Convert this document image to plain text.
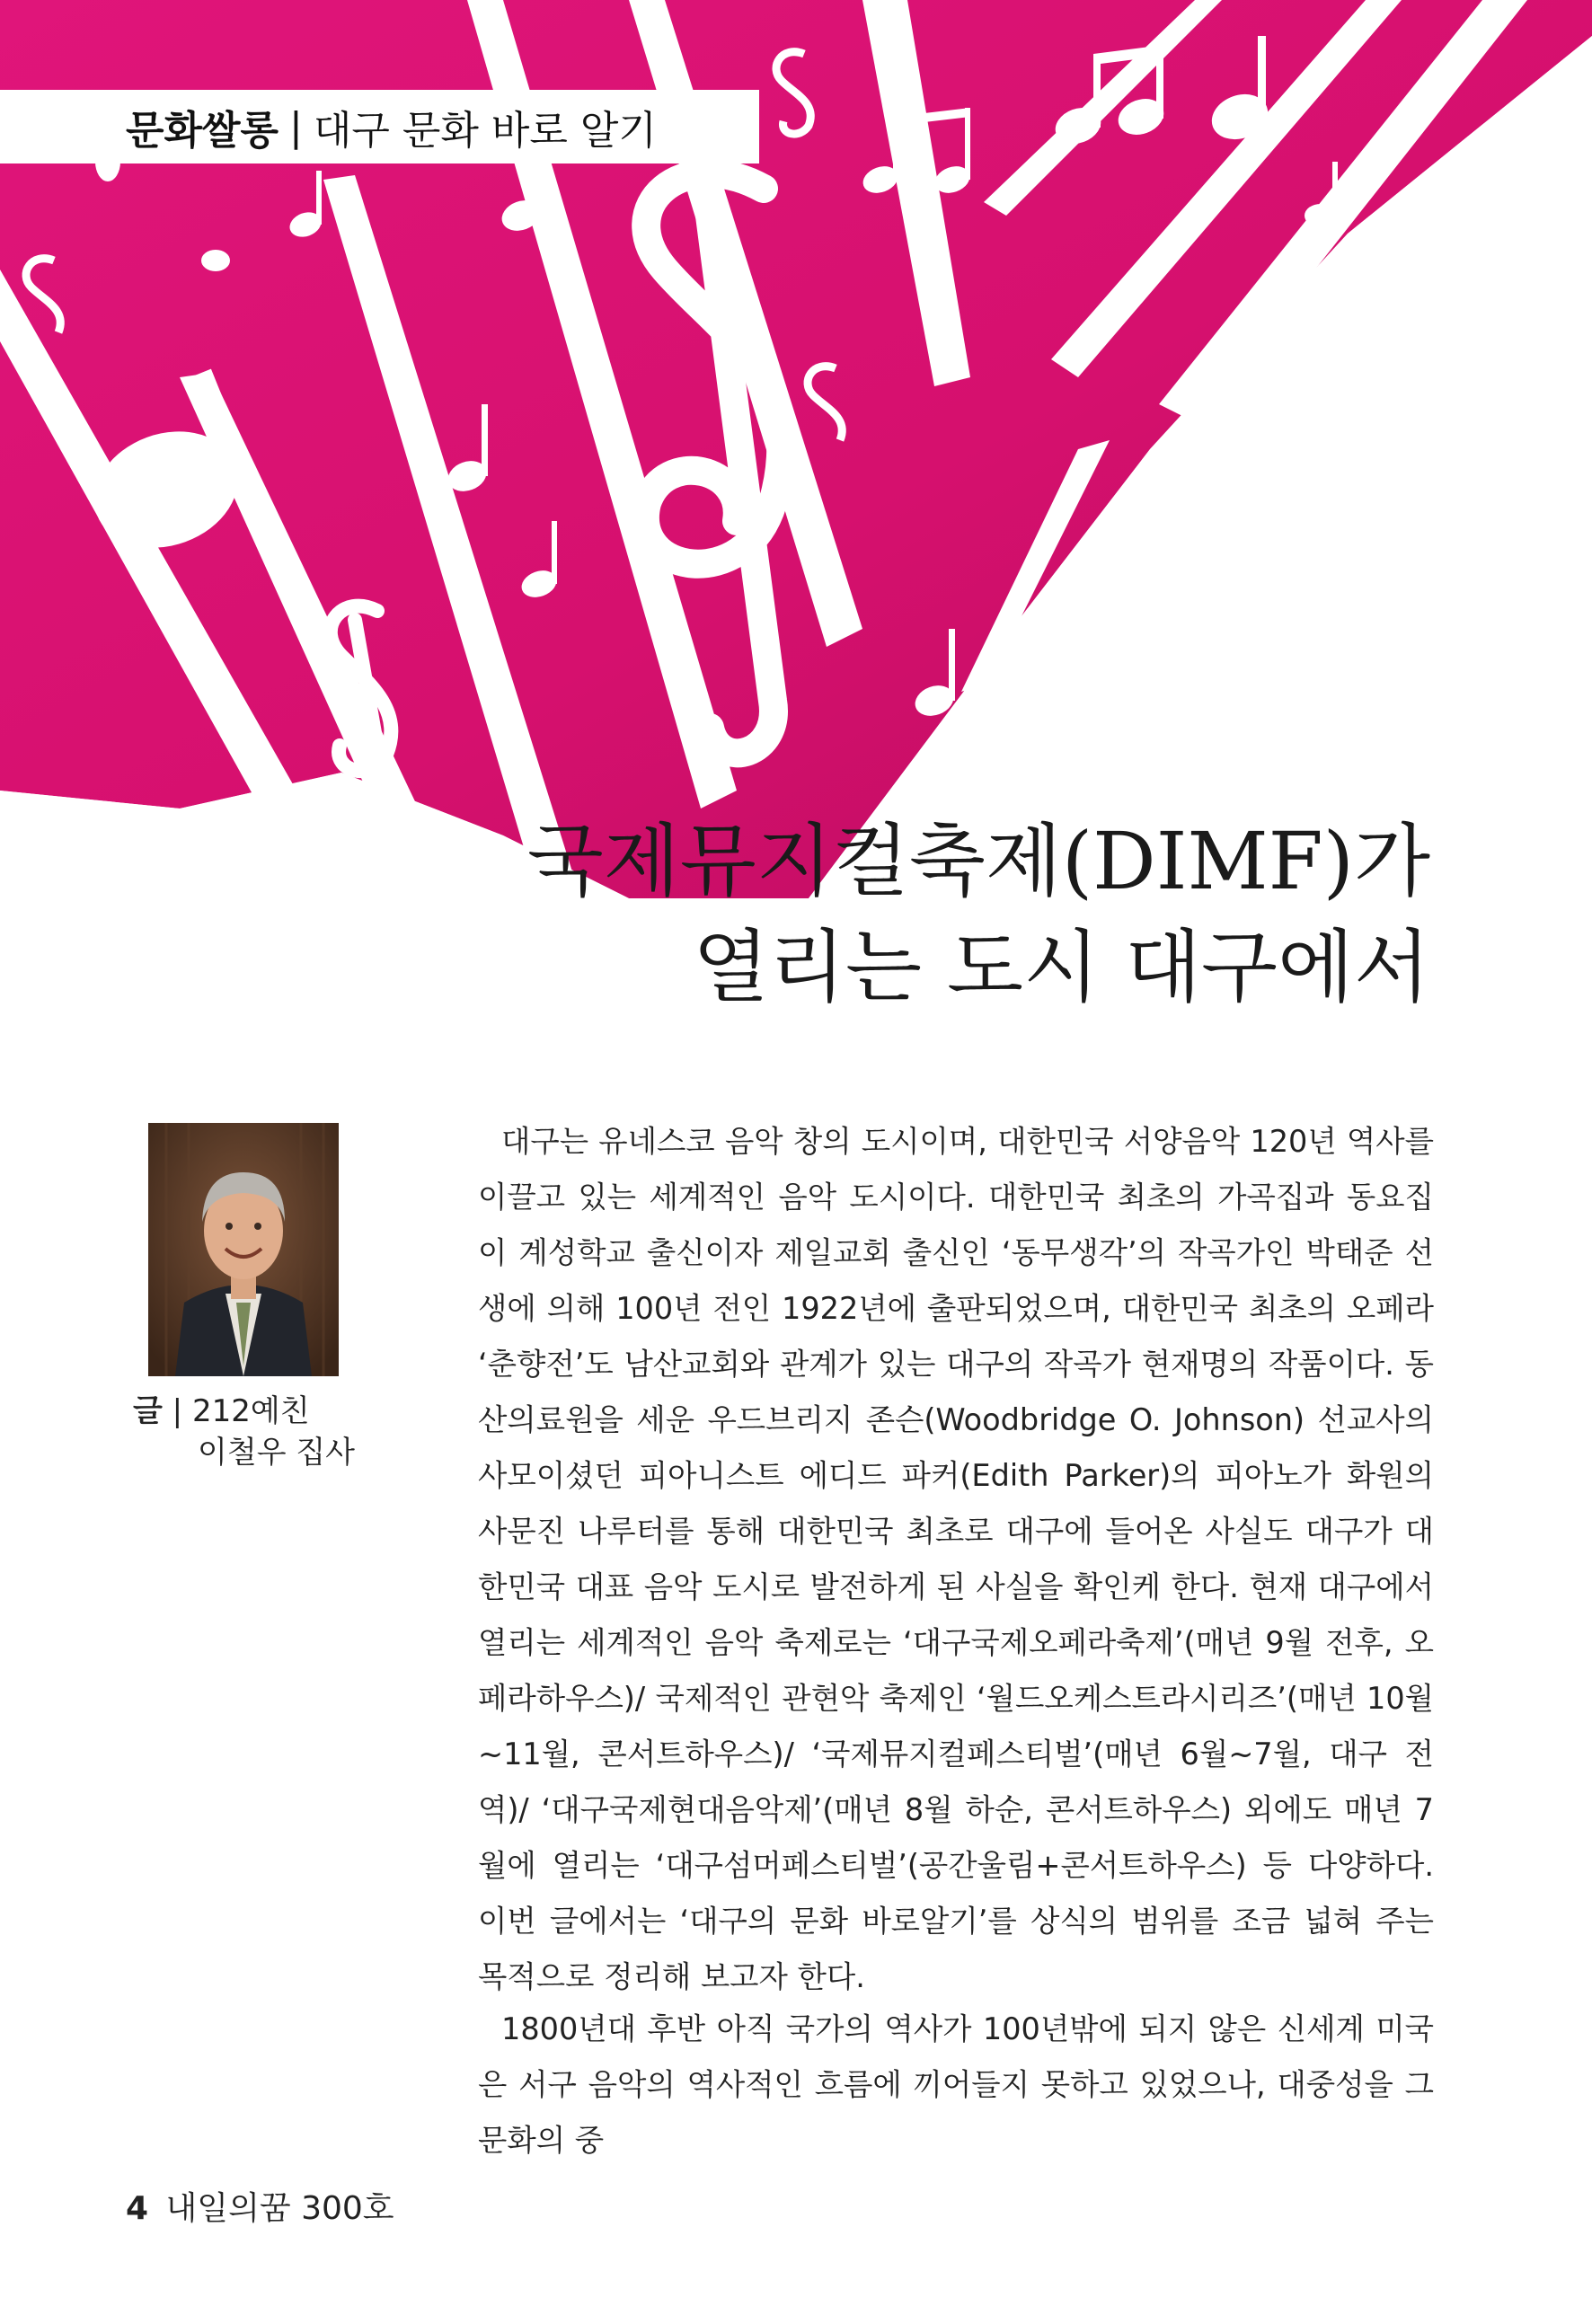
문화쌀롱 | 대구 문화 바로 알기
국제뮤지컬축제(DIMF)가
열리는 도시 대구에서
글 | 212예친
이철우 집사

대구는 유네스코 음악 창의 도시이며, 대한민국 서양음악 120년 역사를 이끌고 있는 세계적인 음악 도시이다. 대한민국 최초의 가곡집과 동요집이 계성학교 출신이자 제일교회 출신인 ‘동무생각’의 작곡가인 박태준 선생에 의해 100년 전인 1922년에 출판되었으며, 대한민국 최초의 오페라 ‘춘향전’도 남산교회와 관계가 있는 대구의 작곡가 현재명의 작품이다. 동산의료원을 세운 우드브리지 존슨(Woodbridge O. Johnson) 선교사의 사모이셨던 피아니스트 에디드 파커(Edith Parker)의 피아노가 화원의 사문진 나루터를 통해 대한민국 최초로 대구에 들어온 사실도 대구가 대한민국 대표 음악 도시로 발전하게 된 사실을 확인케 한다. 현재 대구에서 열리는 세계적인 음악 축제로는 ‘대구국제오페라축제’(매년 9월 전후, 오페라하우스)/ 국제적인 관현악 축제인 ‘월드오케스트라시리즈’(매년 10월~11월, 콘서트하우스)/ ‘국제뮤지컬페스티벌’(매년 6월~7월, 대구 전역)/ ‘대구국제현대음악제’(매년 8월 하순, 콘서트하우스) 외에도 매년 7월에 열리는 ‘대구섬머페스티벌’(공간울림+콘서트하우스) 등 다양하다. 이번 글에서는 ‘대구의 문화 바로알기’를 상식의 범위를 조금 넓혀 주는 목적으로 정리해 보고자 한다.

1800년대 후반 아직 국가의 역사가 100년밖에 되지 않은 신세계 미국은 서구 음악의 역사적인 흐름에 끼어들지 못하고 있었으나, 대중성을 그 문화의 중

4 내일의꿈 300호
